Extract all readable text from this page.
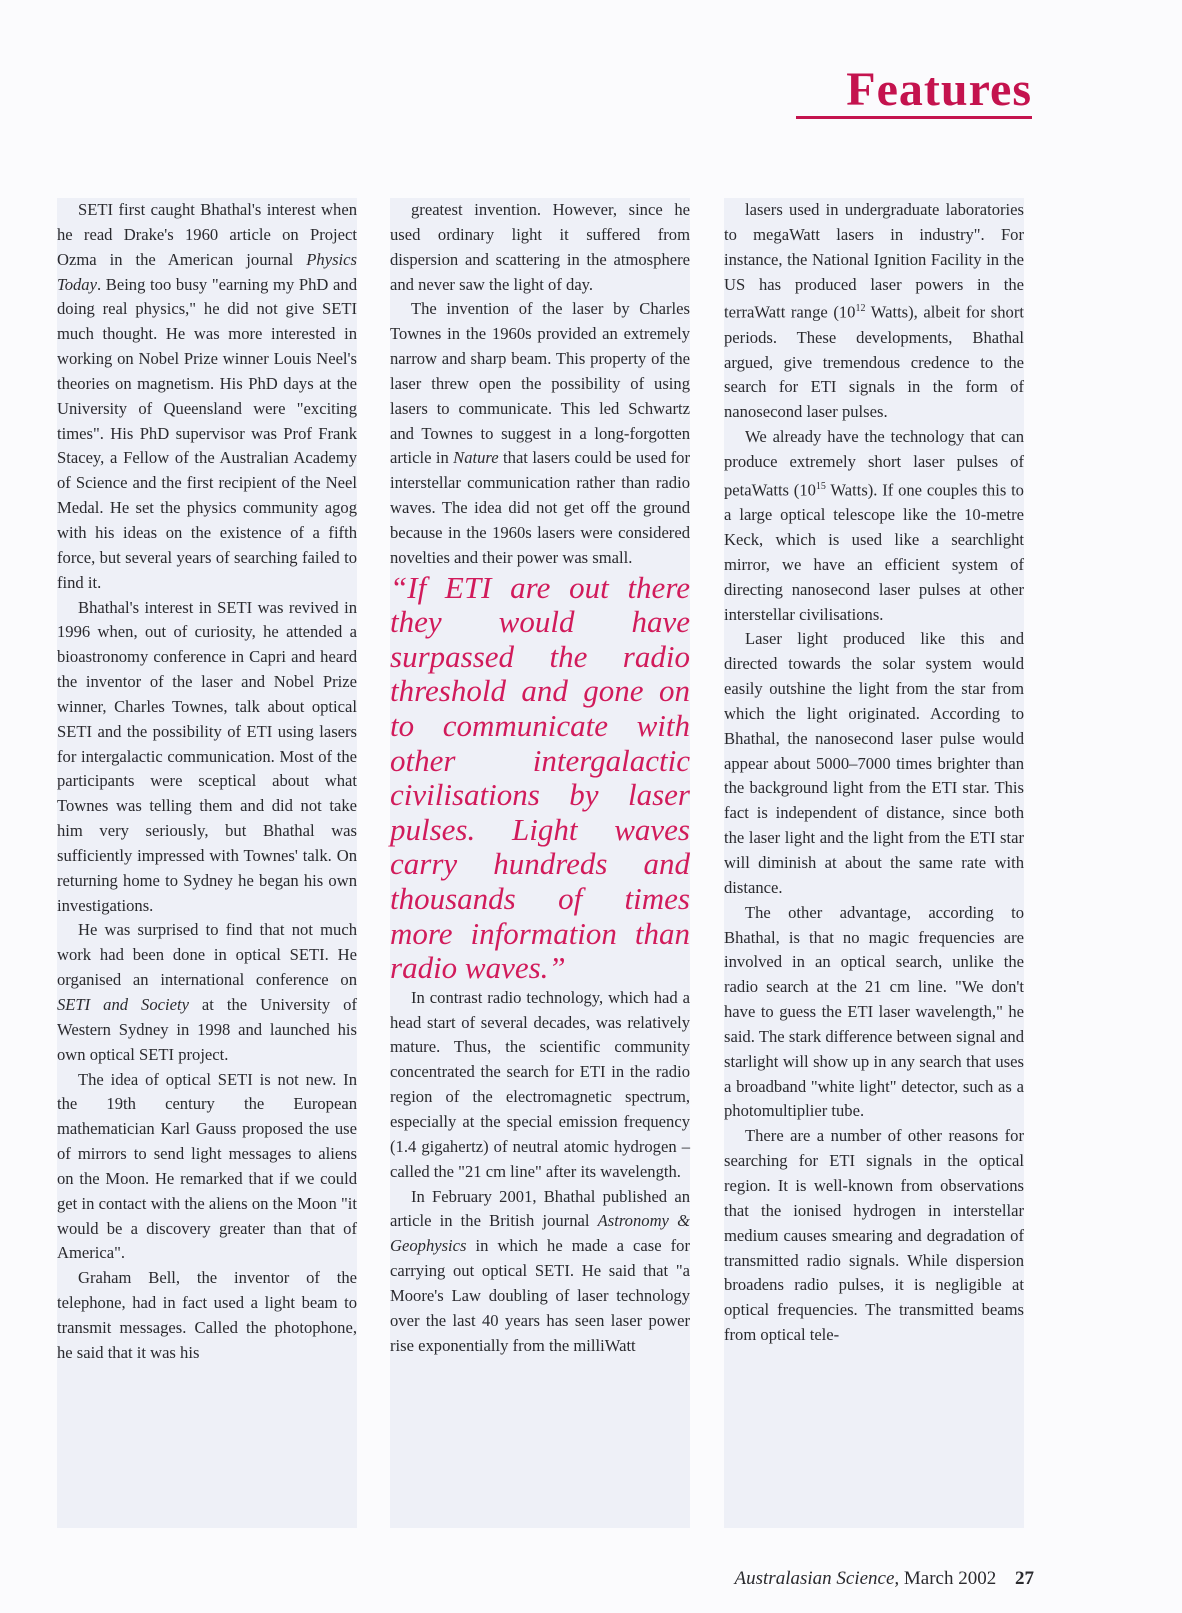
Features

SETI first caught Bhathal's interest when he read Drake's 1960 article on Project Ozma in the American journal Physics Today. Being too busy "earning my PhD and doing real physics," he did not give SETI much thought. He was more interested in working on Nobel Prize winner Louis Neel's theories on magnetism. His PhD days at the University of Queensland were "exciting times". His PhD supervisor was Prof Frank Stacey, a Fellow of the Australian Academy of Science and the first recipient of the Neel Medal. He set the physics community agog with his ideas on the existence of a fifth force, but several years of searching failed to find it.

Bhathal's interest in SETI was revived in 1996 when, out of curiosity, he attended a bioastronomy conference in Capri and heard the inventor of the laser and Nobel Prize winner, Charles Townes, talk about optical SETI and the possibility of ETI using lasers for intergalactic communication. Most of the participants were sceptical about what Townes was telling them and did not take him very seriously, but Bhathal was sufficiently impressed with Townes' talk. On returning home to Sydney he began his own investigations.

He was surprised to find that not much work had been done in optical SETI. He organised an international conference on SETI and Society at the University of Western Sydney in 1998 and launched his own optical SETI project.

The idea of optical SETI is not new. In the 19th century the European mathematician Karl Gauss proposed the use of mirrors to send light messages to aliens on the Moon. He remarked that if we could get in contact with the aliens on the Moon "it would be a discovery greater than that of America".

Graham Bell, the inventor of the telephone, had in fact used a light beam to transmit messages. Called the photophone, he said that it was his

greatest invention. However, since he used ordinary light it suffered from dispersion and scattering in the atmosphere and never saw the light of day.

The invention of the laser by Charles Townes in the 1960s provided an extremely narrow and sharp beam. This property of the laser threw open the possibility of using lasers to communicate. This led Schwartz and Townes to suggest in a long-forgotten article in Nature that lasers could be used for interstellar communication rather than radio waves. The idea did not get off the ground because in the 1960s lasers were considered novelties and their power was small.

“If ETI are out there they would have surpassed the radio threshold and gone on to communicate with other intergalactic civilisations by laser pulses. Light waves carry hundreds and thousands of times more information than radio waves.”

In contrast radio technology, which had a head start of several decades, was relatively mature. Thus, the scientific community concentrated the search for ETI in the radio region of the electromagnetic spectrum, especially at the special emission frequency (1.4 gigahertz) of neutral atomic hydrogen – called the "21 cm line" after its wavelength.

In February 2001, Bhathal published an article in the British journal Astronomy & Geophysics in which he made a case for carrying out optical SETI. He said that "a Moore's Law doubling of laser technology over the last 40 years has seen laser power rise exponentially from the milliWatt

lasers used in undergraduate laboratories to megaWatt lasers in industry". For instance, the National Ignition Facility in the US has produced laser powers in the terraWatt range ($10^{12}$ Watts), albeit for short periods. These developments, Bhathal argued, give tremendous credence to the search for ETI signals in the form of nanosecond laser pulses.

We already have the technology that can produce extremely short laser pulses of petaWatts ($10^{15}$ Watts). If one couples this to a large optical telescope like the 10-metre Keck, which is used like a searchlight mirror, we have an efficient system of directing nanosecond laser pulses at other interstellar civilisations.

Laser light produced like this and directed towards the solar system would easily outshine the light from the star from which the light originated. According to Bhathal, the nanosecond laser pulse would appear about 5000–7000 times brighter than the background light from the ETI star. This fact is independent of distance, since both the laser light and the light from the ETI star will diminish at about the same rate with distance.

The other advantage, according to Bhathal, is that no magic frequencies are involved in an optical search, unlike the radio search at the 21 cm line. "We don't have to guess the ETI laser wavelength," he said. The stark difference between signal and starlight will show up in any search that uses a broadband "white light" detector, such as a photomultiplier tube.

There are a number of other reasons for searching for ETI signals in the optical region. It is well-known from observations that the ionised hydrogen in interstellar medium causes smearing and degradation of transmitted radio signals. While dispersion broadens radio pulses, it is negligible at optical frequencies. The transmitted beams from optical tele-

Australasian Science, March 2002 27
